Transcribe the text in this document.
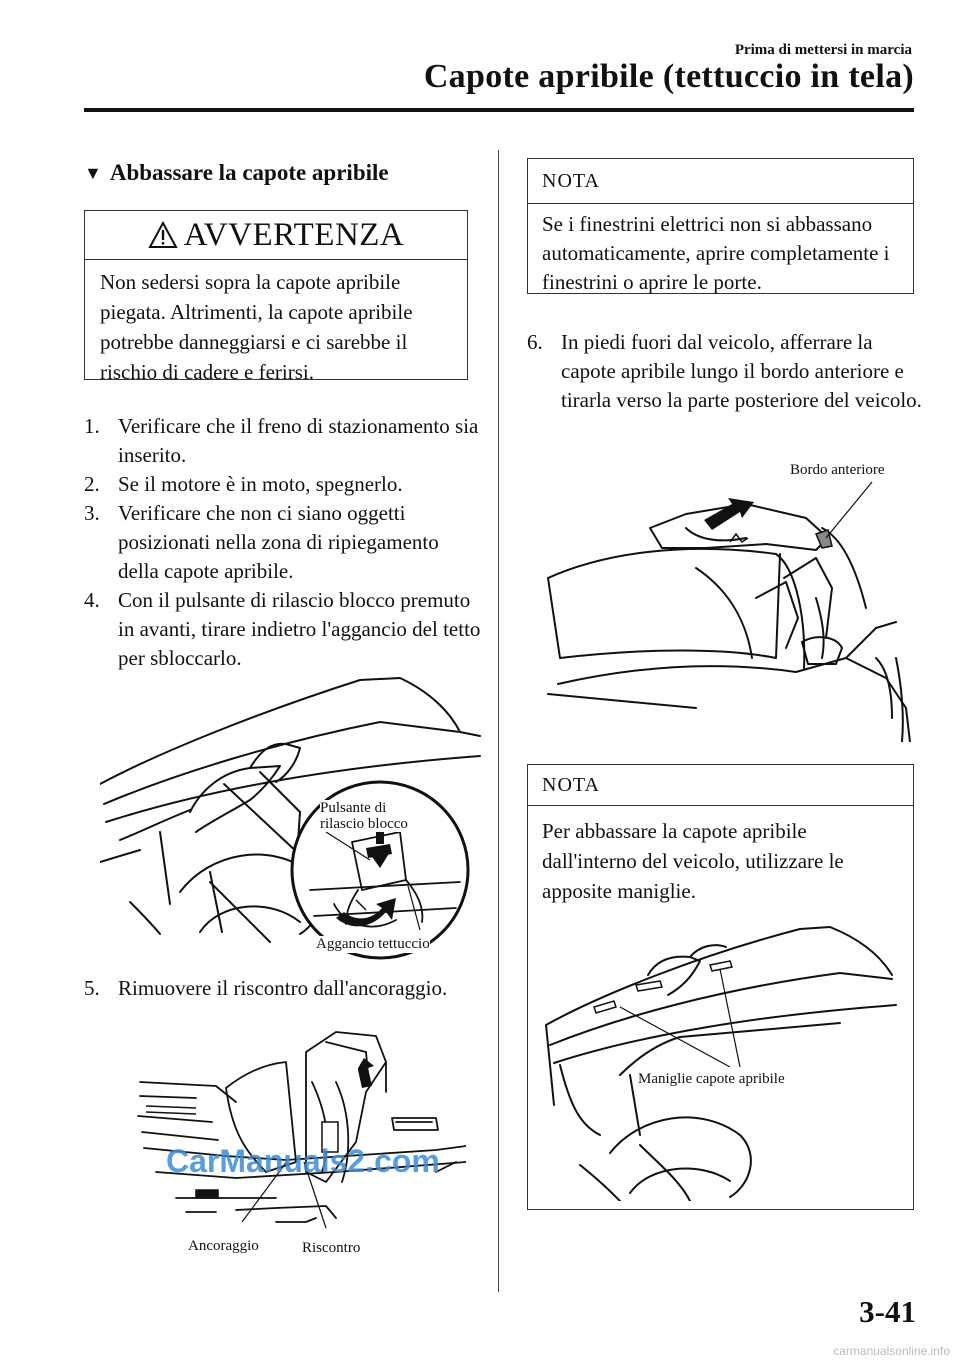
Prima di mettersi in marcia
Capote apribile (tettuccio in tela)
▼ Abbassare la capote apribile
AVVERTENZA
Non sedersi sopra la capote apribile piegata. Altrimenti, la capote apribile potrebbe danneggiarsi e ci sarebbe il rischio di cadere e ferirsi.
1. Verificare che il freno di stazionamento sia inserito.
2. Se il motore è in moto, spegnerlo.
3. Verificare che non ci siano oggetti posizionati nella zona di ripiegamento della capote apribile.
4. Con il pulsante di rilascio blocco premuto in avanti, tirare indietro l'aggancio del tetto per sbloccarlo.
Pulsante di
rilascio blocco
Aggancio tettuccio
5. Rimuovere il riscontro dall'ancoraggio.
CarManuals2.com
Ancoraggio	Riscontro
NOTA
Se i finestrini elettrici non si abbassano automaticamente, aprire completamente i finestrini o aprire le porte.
6. In piedi fuori dal veicolo, afferrare la capote apribile lungo il bordo anteriore e tirarla verso la parte posteriore del veicolo.
Bordo anteriore
NOTA
Per abbassare la capote apribile dall'interno del veicolo, utilizzare le apposite maniglie.
Maniglie capote apribile
3-41
carmanualsonline.info
